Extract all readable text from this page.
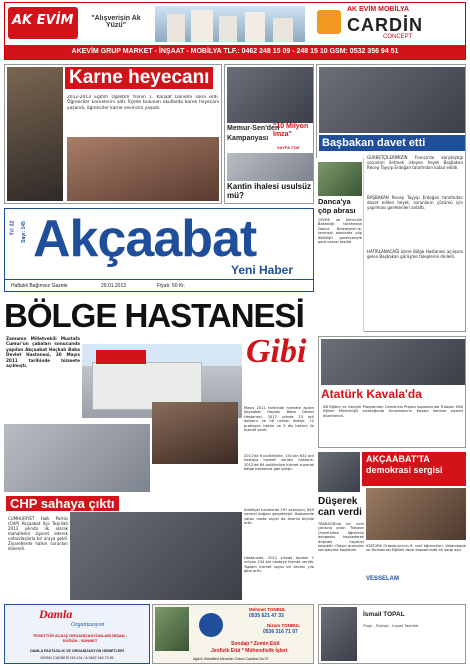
AK EVİM	"Alışverişin Ak Yüzü"
AK EVİM MOBİLYA
CARDİN
CONCEPT
AKEVİM GRUP MARKET - İNŞAAT - MOBİLYA TLF.: 0462 248 15 09 - 248 15 10 GSM: 0532 356 94 51
Karne heyecanı
2012-2013 Eğitim Öğretim Yılının 1. Kanaat Dönemi sona erdi. Öğrenciler karnelerini aldı. İlçede bulunan okullarda karne heyecanı yaşandı, öğrenciler karne sevincini yaşadı.
Memur-Sen'den
"10 Milyon İmza"
Kampanyası
SAYFA 7'DE
Kantin ihalesi usulsüz mü?
Başbakan davet etti
GURBETÇİLERİMİZİN Fransa'da karşılaştığı sorunları iletmek isteyen heyet Başbakan Recep Tayyip Erdoğan tarafından kabul edildi.
BAŞBAKAN Recep Tayyip Erdoğan tarafından davet edilen heyet, sorunların çözümü için yapılması gerekenleri anlattı.
HATIRLANACAĞI üzere Bölge Hastanesi açılışına gelen Başbakan görüşme taleplerini dinledi.
Danca'ya çöp abrası
ÇEVRE ve Şehircilik Bakanlığı tarafından Danca Belediyesi'ne, tarımsal alanlarda çöp döktüğü gerekçesiyle para cezası kesildi.
Yıl: 22 Sayı: 145 Akçaabat
Yeni Haber
Haftalık Bağımsız Gazete	29.01.2013	Fiyatı: 50 Kr.
BÖLGE HASTANESİ
Gibi
Zamanın Milletvekili Mustafa Cumur'un çabaları sonucunda yapılan Akçaabat Haçkalı Baba Devlet Hastanesi, 30 Mayıs 2011 tarihinde hizmete açılmıştı.
Mayıs 2011 tarihinde hizmete açılan Akçaabat Haçkalı Baba Devlet Hastanesi, 2012 yılında 23 acil doktoru ve 58 uzman doktor, 12 pratisyen hekim ve 9 diş hekimi ile hizmet verdi.
2011'de 6 poliklinikte, 150 bin 632 acil hastaya hizmet verilen hastane, 2012'de 64 poliklinikte hizmet sunarak bölge hastanesi gibi çalıştı.
Ameliyat hanelerde 297 sezaryan, 849 normal doğum gerçekleşti. Hastanede yatan hasta sayısı da önemli ölçüde arttı.
Hastanede, 2012 yılında toplam 1 milyon 234 bin hastaya hizmet verildi. Toplam hizmet sayısı bir önceki yıla göre arttı.
CHP sahaya çıktı
CUMHURİYET Halk Partisi (CHP) Akçaabat İlçe Teşkilatı 2013 yılında ilk olarak mahalleleri ziyaret ederek vatandaşlarla bir araya geldi. Ziyaretlerde halkın sorunları dinlendi.
Atatürk Kavala'da
AB Eğitim ve Gençlik Programları Comenius Projesi kapsamında Trabzon Milli Eğitim Müdürlüğü ortaklığında Yunanistan'ın Kavala kentine ziyaret düzenlendi.
AKÇAABAT'TA demokrasi sergisi
Düşerek can verdi
TRABZON'da bir evin çatısına çıkan Trabzon Üniversitesi öğrencisi dengesini kaybederek düşerek hayatını kaybetti. Olayın ardından soruşturma başlatıldı.
ATATÜRK Ortaokulu'nun 8. sınıf öğrencileri, Vatandaşlık ve Demokrasi Eğitimi dersi kapsamında bir sergi açtı.
VESSELAM
Damla
Organizasyon
TESETTÜR AÇILIŞ ORGANİZASYONLARI NİŞAN - DÜĞÜN - SÜNNET
DAMLA PASTACILIK VE ORGANİZASYON HİZMETLERİ
İNÖNÜ CADDESİ NO:134 / A 0462 248 73 95
Mehmet TONBUL
0535 621 47 33
Nizam TONBUL
0536 316 71 07
Sondajı * Zemin Etüt
Jeofizik Etüt * Mühendislik İşleri
Ağdırlı Mahallesi Memduh Özkan Caddesi No:37
İsmail TOPAL
Proje - Ruhsat - İnşaat Taahhüt
